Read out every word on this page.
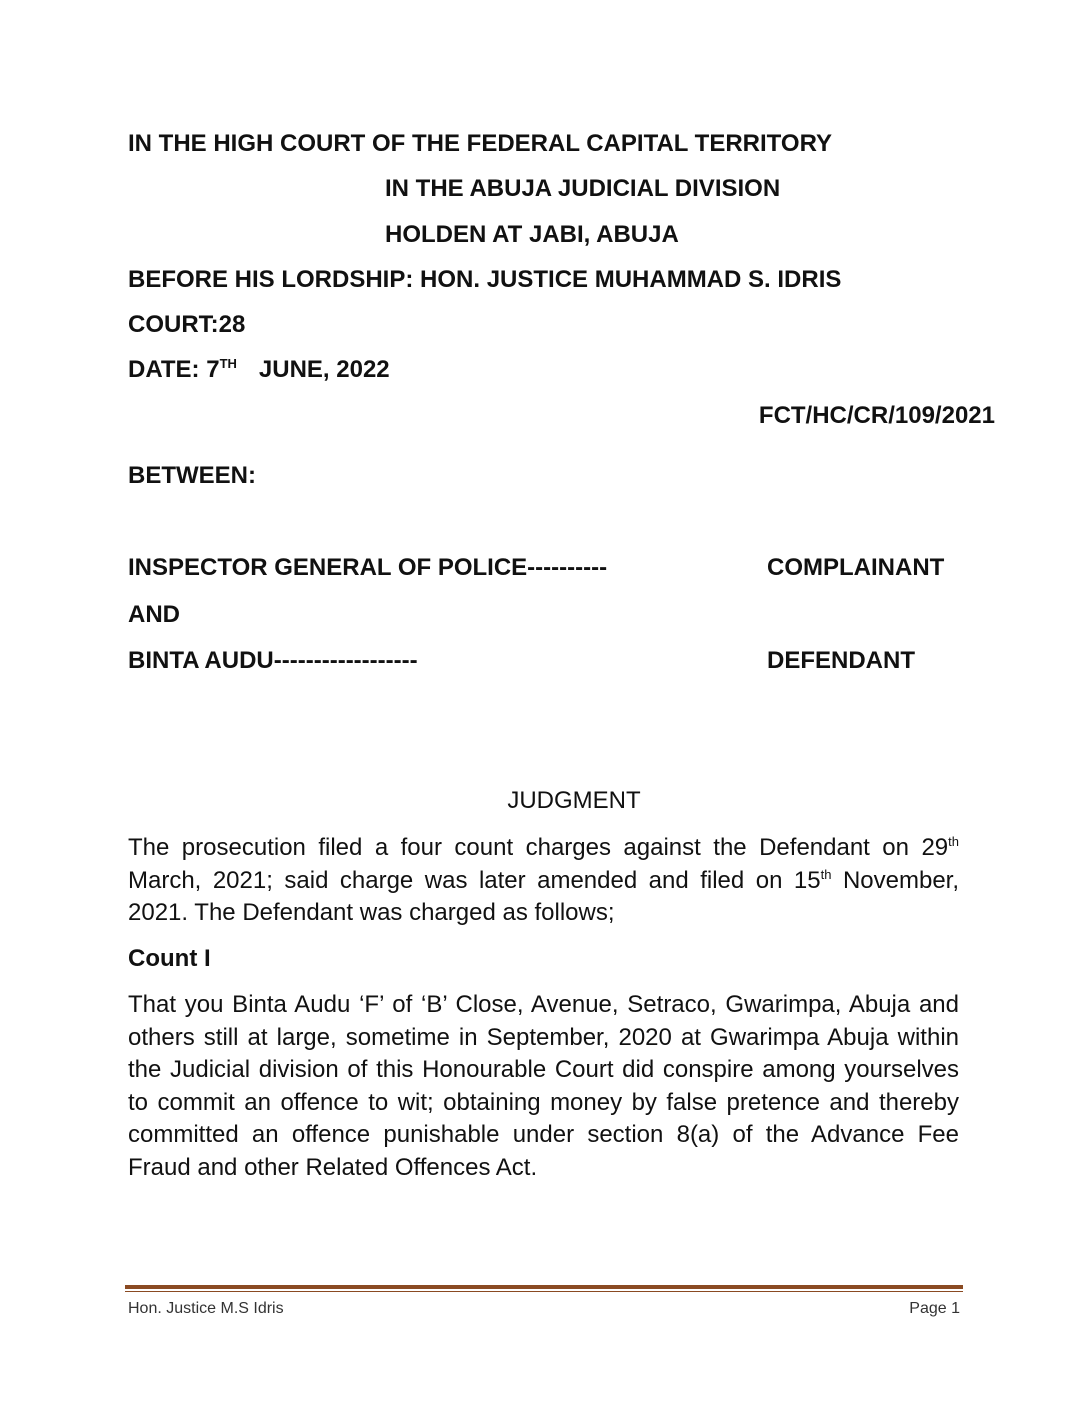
IN THE HIGH COURT OF THE FEDERAL CAPITAL TERRITORY
IN THE ABUJA JUDICIAL DIVISION
HOLDEN AT JABI, ABUJA
BEFORE HIS LORDSHIP: HON. JUSTICE MUHAMMAD S. IDRIS
COURT:28
DATE: 7TH JUNE, 2022
FCT/HC/CR/109/2021
BETWEEN:
INSPECTOR GENERAL OF POLICE----------	COMPLAINANT
AND
BINTA AUDU------------------	DEFENDANT
JUDGMENT

The prosecution filed a four count charges against the Defendant on 29th March, 2021; said charge was later amended and filed on 15th November, 2021. The Defendant was charged as follows;

Count I

That you Binta Audu ‘F’ of ‘B’ Close, Avenue, Setraco, Gwarimpa, Abuja and others still at large, sometime in September, 2020 at Gwarimpa Abuja within the Judicial division of this Honourable Court did conspire among yourselves to commit an offence to wit; obtaining money by false pretence and thereby committed an offence punishable under section 8(a) of the Advance Fee Fraud and other Related Offences Act.

Hon. Justice M.S Idris	Page 1
